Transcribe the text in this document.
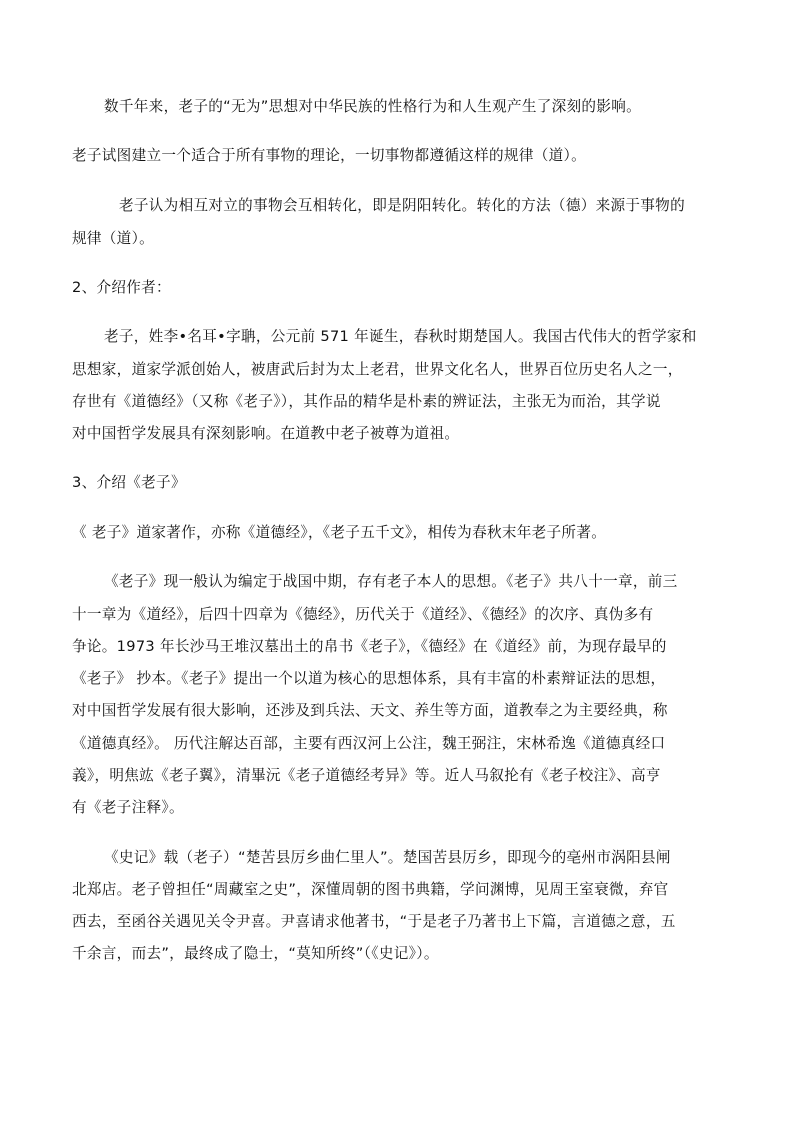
数千年来，老子的“无为”思想对中华民族的性格行为和人生观产生了深刻的影响。
老子试图建立一个适合于所有事物的理论，一切事物都遵循这样的规律（道）。
老子认为相互对立的事物会互相转化，即是阴阳转化。转化的方法（德）来源于事物的
规律（道）。
2、介绍作者：
老子，姓李•名耳•字聃，公元前 571 年诞生，春秋时期楚国人。我国古代伟大的哲学家和
思想家，道家学派创始人，被唐武后封为太上老君，世界文化名人，世界百位历史名人之一，
存世有《道德经》（又称《老子》），其作品的精华是朴素的辨证法，主张无为而治，其学说
对中国哲学发展具有深刻影响。在道教中老子被尊为道祖。
3、介绍《老子》
《 老子》道家著作，亦称《道德经》，《老子五千文》，相传为春秋末年老子所著。
《老子》现一般认为编定于战国中期，存有老子本人的思想。《老子》共八十一章，前三
十一章为《道经》，后四十四章为《德经》，历代关于《道经》、《德经》的次序、真伪多有
争论。1973 年长沙马王堆汉墓出土的帛书《老子》，《德经》在《道经》前，为现存最早的
《老子》 抄本。《老子》提出一个以道为核心的思想体系，具有丰富的朴素辩证法的思想，
对中国哲学发展有很大影响，还涉及到兵法、天文、养生等方面，道教奉之为主要经典，称
《道德真经》。 历代注解达百部，主要有西汉河上公注，魏王弼注，宋林希逸《道德真经口
義》，明焦竑《老子翼》，清畢沅《老子道德经考异》等。近人马叙抡有《老子校注》、高亨
有《老子注释》。
《史记》载（老子）“楚苦县厉乡曲仁里人”。楚国苦县厉乡，即现今的亳州市涡阳县闸
北郑店。老子曾担任“周藏室之史”，深懂周朝的图书典籍，学问渊博，见周王室衰微，弃官
西去，至函谷关遇见关令尹喜。尹喜请求他著书，“于是老子乃著书上下篇，言道德之意，五
千余言，而去”，最终成了隐士，“莫知所终”（《史记》）。
